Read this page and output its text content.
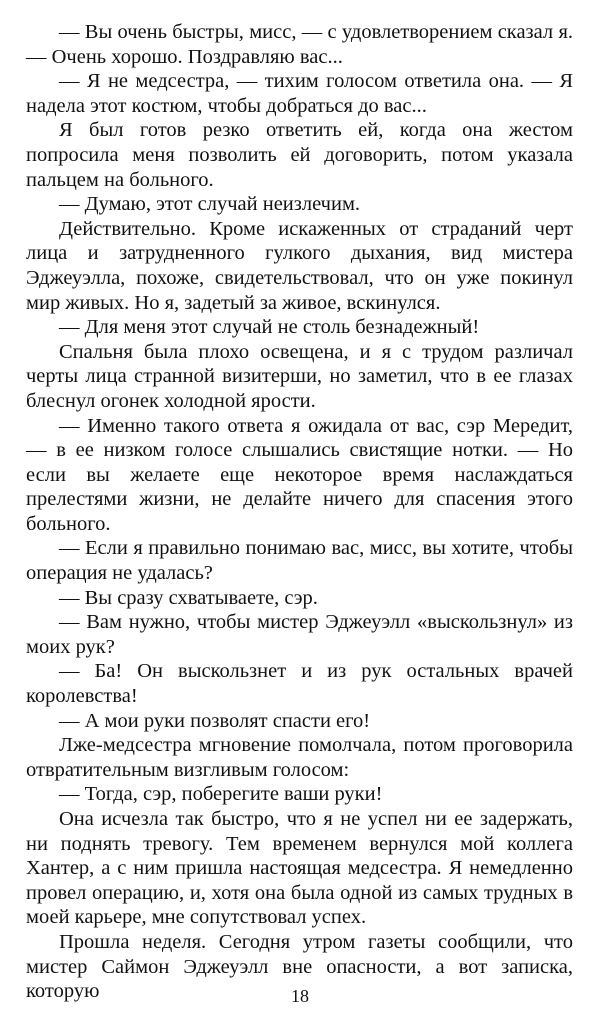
— Вы очень быстры, мисс, — с удовлетворением сказал я. — Очень хорошо. Поздравляю вас...

— Я не медсестра, — тихим голосом ответила она. — Я надела этот костюм, чтобы добраться до вас...

Я был готов резко ответить ей, когда она жестом попросила меня позволить ей договорить, потом указала пальцем на больного.

— Думаю, этот случай неизлечим.

Действительно. Кроме искаженных от страданий черт лица и затрудненного гулкого дыхания, вид мистера Эджеуэлла, похоже, свидетельствовал, что он уже покинул мир живых. Но я, задетый за живое, вскинулся.

— Для меня этот случай не столь безнадежный!

Спальня была плохо освещена, и я с трудом различал черты лица странной визитерши, но заметил, что в ее глазах блеснул огонек холодной ярости.

— Именно такого ответа я ожидала от вас, сэр Мередит, — в ее низком голосе слышались свистящие нотки. — Но если вы желаете еще некоторое время наслаждаться прелестями жизни, не делайте ничего для спасения этого больного.

— Если я правильно понимаю вас, мисс, вы хотите, чтобы операция не удалась?

— Вы сразу схватываете, сэр.

— Вам нужно, чтобы мистер Эджеуэлл «выскользнул» из моих рук?

— Ба! Он выскользнет и из рук остальных врачей королевства!

— А мои руки позволят спасти его!

Лже-медсестра мгновение помолчала, потом проговорила отвратительным визгливым голосом:

— Тогда, сэр, поберегите ваши руки!

Она исчезла так быстро, что я не успел ни ее задержать, ни поднять тревогу. Тем временем вернулся мой коллега Хантер, а с ним пришла настоящая медсестра. Я немедленно провел операцию, и, хотя она была одной из самых трудных в моей карьере, мне сопутствовал успех.

Прошла неделя. Сегодня утром газеты сообщили, что мистер Саймон Эджеуэлл вне опасности, а вот записка, которую	18
